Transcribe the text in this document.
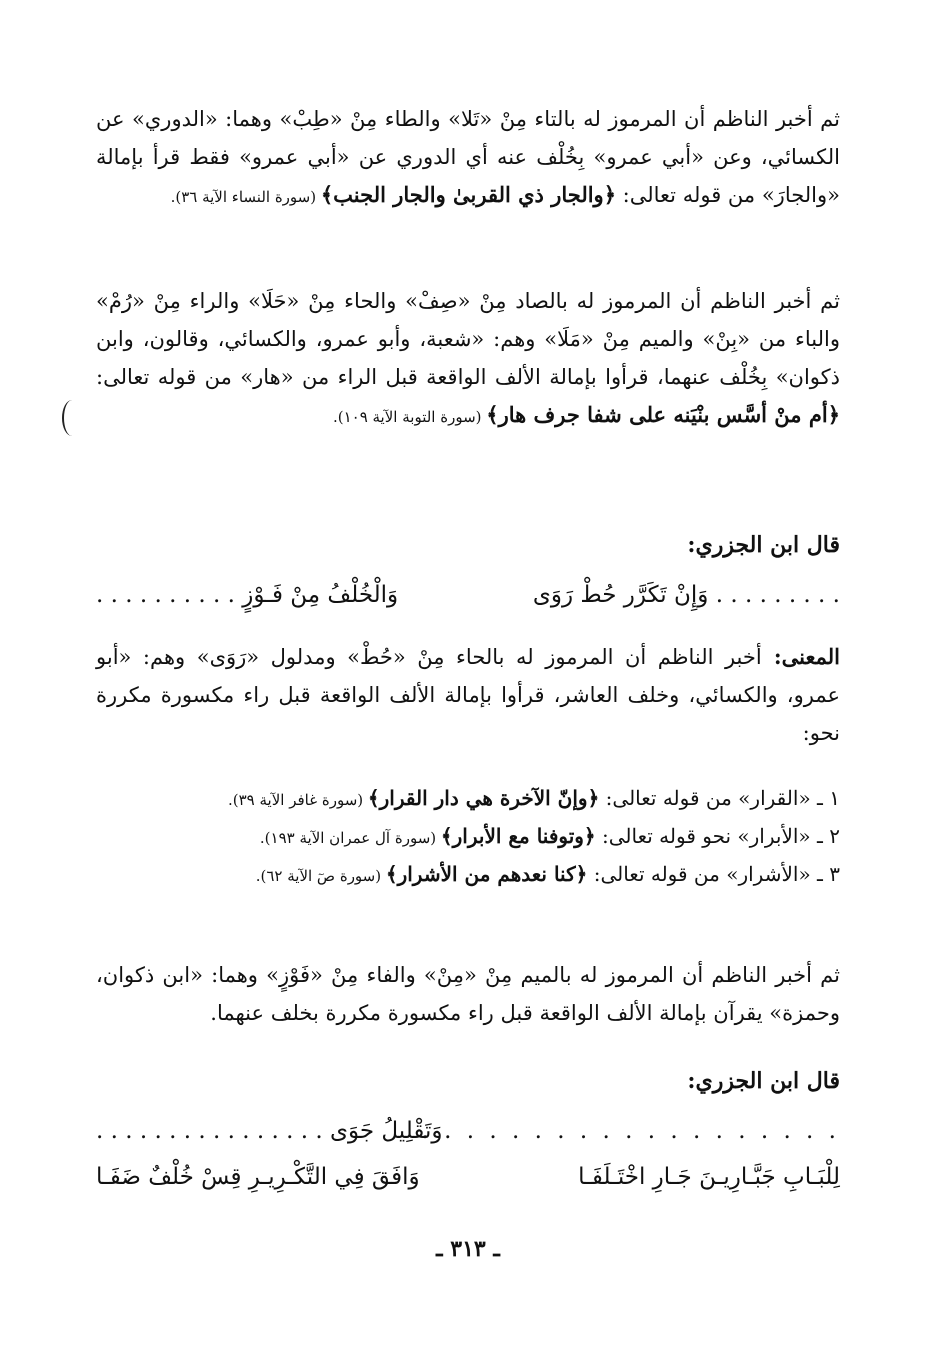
ثم أخبر الناظم أن المرموز له بالتاء مِنْ «تَلا» والطاء مِنْ «طِبْ» وهما: «الدوري» عن الكسائي، وعن «أبي عمرو» بِخُلْف عنه أي الدوري عن «أبي عمرو» فقط قرأ بإمالة «والجارَ» من قوله تعالى: ﴿والجار ذي القربىٰ والجار الجنب﴾ (سورة النساء الآية ٣٦).

ثم أخبر الناظم أن المرموز له بالصاد مِنْ «صِفْ» والحاء مِنْ «حَلَا» والراء مِنْ «رُمْ» والباء من «بِنْ» والميم مِنْ «مَلَا» وهم: «شعبة، وأبو عمرو، والكسائي، وقالون، وابن ذكوان» بِخُلْف عنهما، قرأوا بإمالة الألف الواقعة قبل الراء من «هار» من قوله تعالى: ﴿أم منْ أسَّس بنْيَنه على شفا جرف هار﴾ (سورة التوبة الآية ١٠٩).

قال ابن الجزري:

. . . . . . . . . وَإِنْ تَكَرَّر حُطْ رَوَى
وَالْخُلْفُ مِنْ فَـوْزٍ . . . . . . . . . .

المعنى: أخبر الناظم أن المرموز له بالحاء مِنْ «حُطْ» ومدلول «رَوَى» وهم: «أبو عمرو، والكسائي، وخلف العاشر، قرأوا بإمالة الألف الواقعة قبل راء مكسورة مكررة نحو:

١ ـ «القرار» من قوله تعالى: ﴿وإنّ الآخرة هي دار القرار﴾ (سورة غافر الآية ٣٩).

٢ ـ «الأبرار» نحو قوله تعالى: ﴿وتوفنا مع الأبرار﴾ (سورة آل عمران الآية ١٩٣).

٣ ـ «الأشرار» من قوله تعالى: ﴿كنا نعدهم من الأشرار﴾ (سورة صٓ الآية ٦٢).

ثم أخبر الناظم أن المرموز له بالميم مِنْ «مِنْ» والفاء مِنْ «فَوْزٍ» وهما: «ابن ذكوان، وحمزة» يقرآن بإمالة الألف الواقعة قبل راء مكسورة مكررة بخلف عنهما.

قال ابن الجزري:

. . . . . . . . . . . . . . . . . . .
وَتَقْلِيلُ جَوَى . . . . . . . . . . . . . . . .
لِلْبَـابِ جَبَّـارِيـنَ جَـارِ اخْتَـلَفَـا
وَافَقَ فِي التَّكْـرِيـرِ قِسْ خُلْفٌ ضَفَـا
ـ ٣١٣ ـ
